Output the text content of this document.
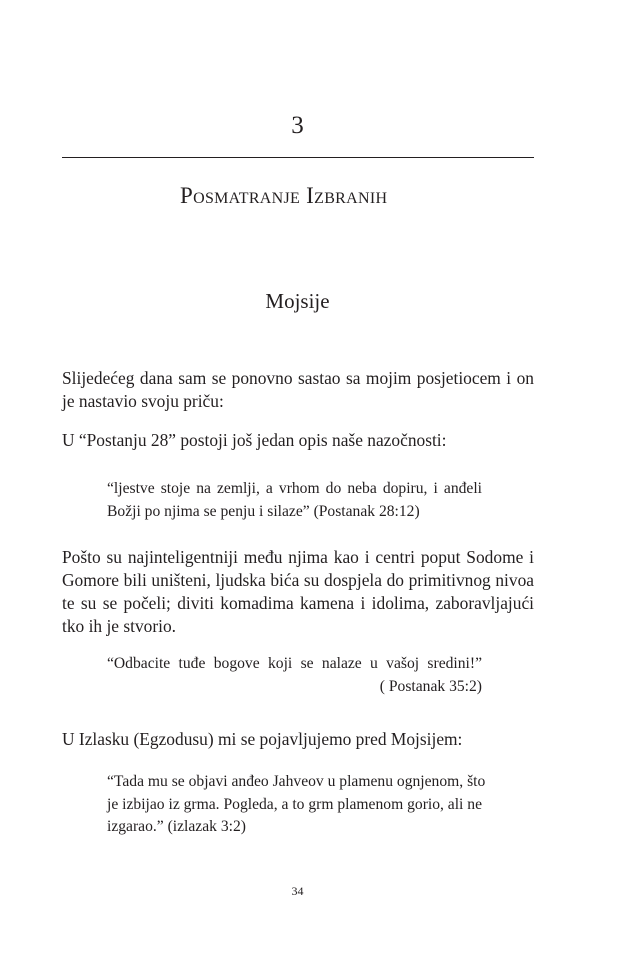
3
Posmatranje Izbranih
Mojsije

Slijedećeg dana sam se ponovno sastao sa mojim posjetiocem i on
je nastavio svoju priču:

U “Postanju 28” postoji još jedan opis naše nazočnosti:

“ljestve stoje na zemlji, a vrhom do neba dopiru, i anđeli
Božji po njima se penju i silaze” (Postanak 28:12)

Pošto su najinteligentniji među njima kao i centri poput Sodome i
Gomore bili uništeni, ljudska bića su dospjela do primitivnog nivoa
te su se počeli; diviti komadima kamena i idolima, zaboravljajući
tko ih je stvorio.

“Odbacite tuđe bogove koji se nalaze u vašoj sredini!”
( Postanak 35:2)

U Izlasku (Egzodusu) mi se pojavljujemo pred Mojsijem:

“Tada mu se objavi anđeo Jahveov u plamenu ognjenom, što
je izbijao iz grma. Pogleda, a to grm plamenom gorio, ali ne
izgarao.” (izlazak 3:2)

34
